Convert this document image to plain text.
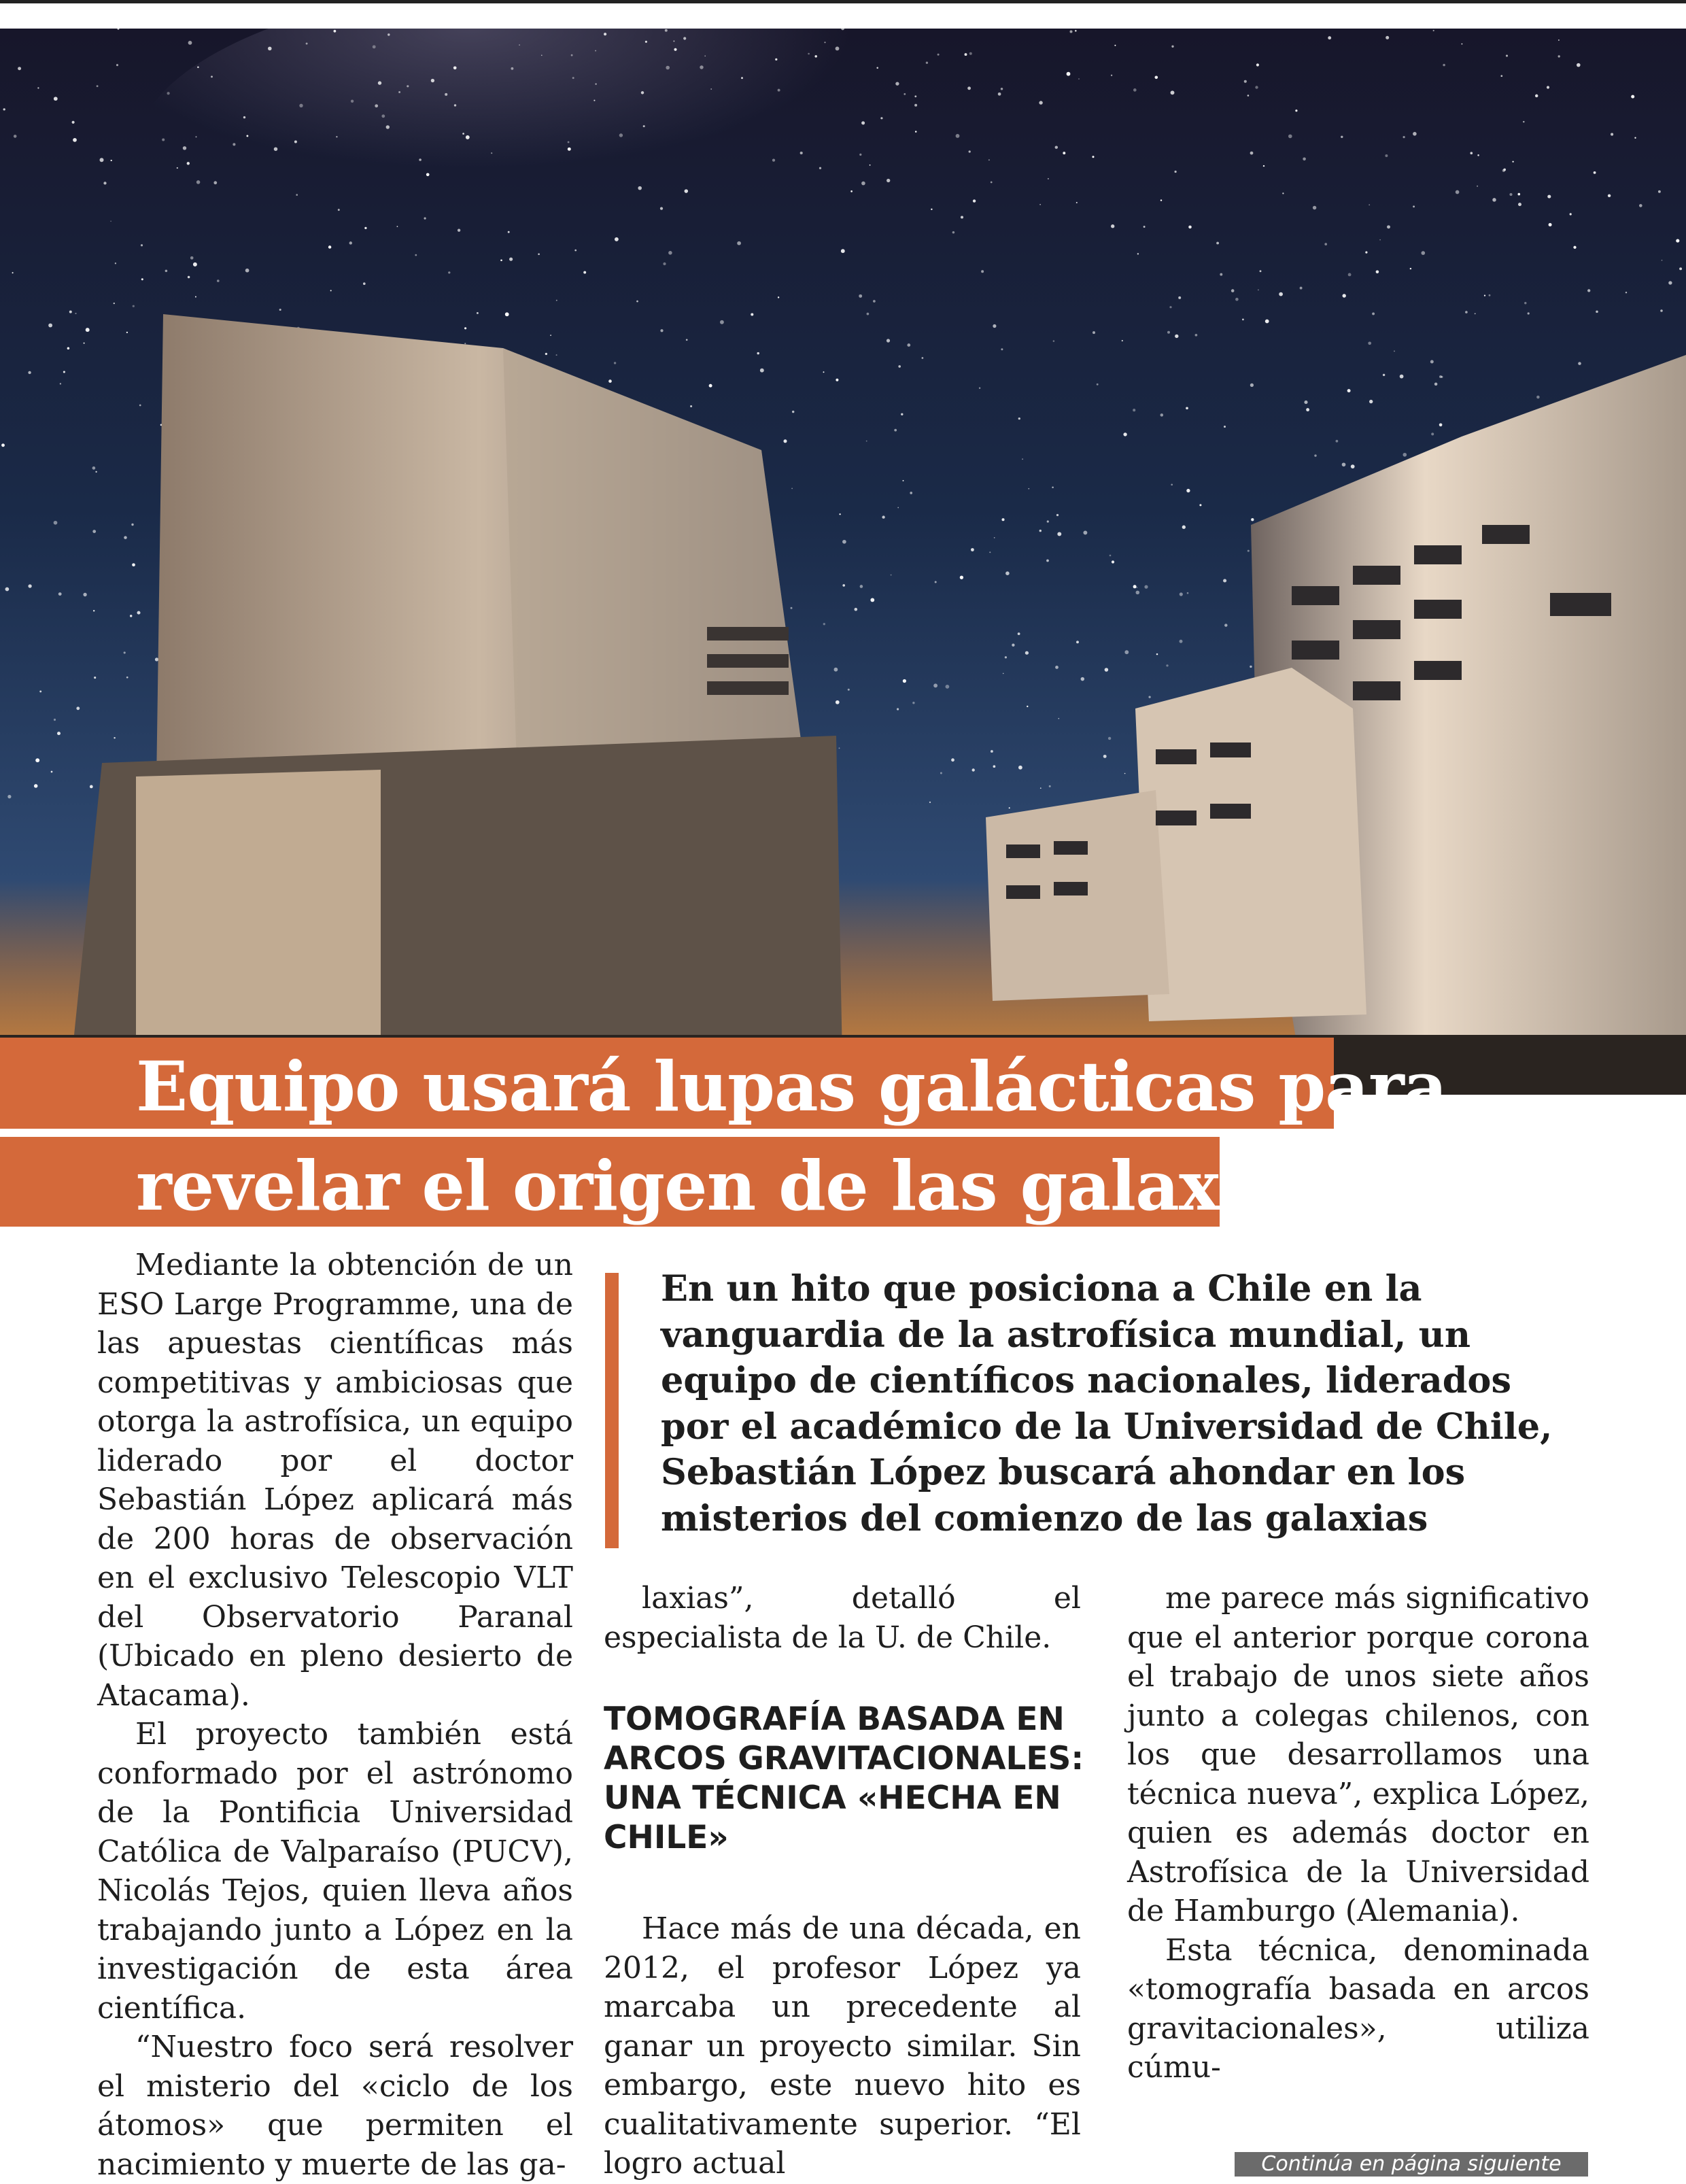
Equipo usará lupas galácticas para
revelar el origen de las galaxias

Mediante la obtención de un ESO Large Programme, una de las apuestas científicas más competitivas y ambiciosas que otorga la astrofísica, un equipo liderado por el doctor Sebastián López aplicará más de 200 horas de observación en el exclusivo Telescopio VLT del Observatorio Paranal (Ubicado en pleno desierto de Atacama).

El proyecto también está conformado por el astrónomo de la Pontificia Universidad Católica de Valparaíso (PUCV), Nicolás Tejos, quien lleva años trabajando junto a López en la investigación de esta área científica.

“Nuestro foco será resolver el misterio del «ciclo de los átomos» que permiten el nacimiento y muerte de las ga-

En un hito que posiciona a Chile en la vanguardia de la astrofísica mundial, un equipo de científicos nacionales, liderados por el académico de la Universidad de Chile, Sebastián López buscará ahondar en los misterios del comienzo de las galaxias

laxias”, detalló el especialista de la U. de Chile.

TOMOGRAFÍA BASADA EN ARCOS GRAVITACIONALES: UNA TÉCNICA «HECHA EN CHILE»

Hace más de una década, en 2012, el profesor López ya marcaba un precedente al ganar un proyecto similar. Sin embargo, este nuevo hito es cualitativamente superior. “El logro actual

me parece más significativo que el anterior porque corona el trabajo de unos siete años junto a colegas chilenos, con los que desarrollamos una técnica nueva”, explica López, quien es además doctor en Astrofísica de la Universidad de Hamburgo (Alemania).

Esta técnica, denominada «tomografía basada en arcos gravitacionales», utiliza cúmu-

Continúa en página siguiente
